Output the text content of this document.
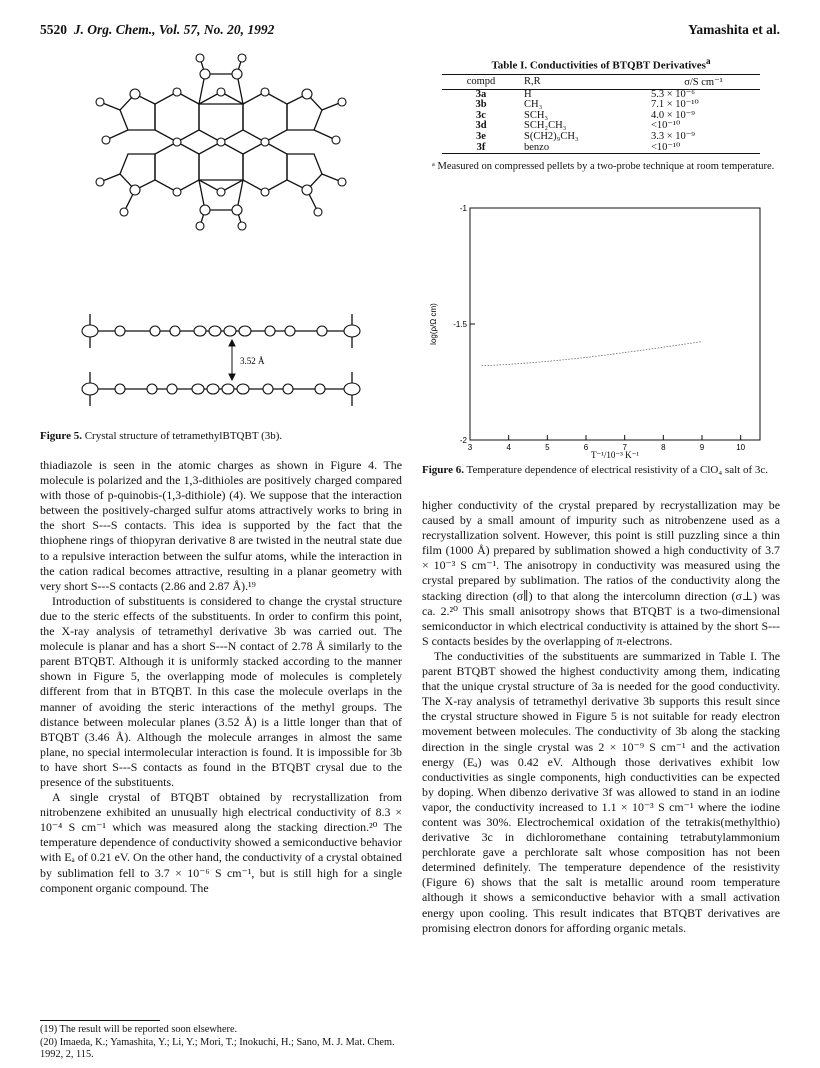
5520 J. Org. Chem., Vol. 57, No. 20, 1992	Yamashita et al.
3.52 Å
Figure 5. Crystal structure of tetramethylBTQBT (3b).

thiadiazole is seen in the atomic charges as shown in Figure 4. The molecule is polarized and the 1,3-dithioles are positively charged compared with those of p-quinobis-(1,3-dithiole) (4). We suppose that the interaction between the positively-charged sulfur atoms attractively works to bring in the short S---S contacts. This idea is supported by the fact that the thiophene rings of thiopyran derivative 8 are twisted in the neutral state due to a repulsive interaction between the sulfur atoms, while the interaction in the cation radical becomes attractive, resulting in a planar geometry with very short S---S contacts (2.86 and 2.87 Å).¹⁹

Introduction of substituents is considered to change the crystal structure due to the steric effects of the substituents. In order to confirm this point, the X-ray analysis of tetramethyl derivative 3b was carried out. The molecule is planar and has a short S---N contact of 2.78 Å similarly to the parent BTQBT. Although it is uniformly stacked according to the manner shown in Figure 5, the overlapping mode of molecules is completely different from that in BTQBT. In this case the molecule overlaps in the manner of avoiding the steric interactions of the methyl groups. The distance between molecular planes (3.52 Å) is a little longer than that of BTQBT (3.46 Å). Although the molecule arranges in almost the same plane, no special intermolecular interaction is found. It is impossible for 3b to have short S---S contacts as found in the BTQBT crysal due to the presence of the substituents.

A single crystal of BTQBT obtained by recrystallization from nitrobenzene exhibited an unusually high electrical conductivity of 8.3 × 10⁻⁴ S cm⁻¹ which was measured along the stacking direction.²⁰ The temperature dependence of conductivity showed a semiconductive behavior with Eₐ of 0.21 eV. On the other hand, the conductivity of a crystal obtained by sublimation fell to 3.7 × 10⁻⁶ S cm⁻¹, but is still high for a single component organic compound. The

(19) The result will be reported soon elsewhere.
(20) Imaeda, K.; Yamashita, Y.; Li, Y.; Mori, T.; Inokuchi, H.; Sano, M. J. Mat. Chem. 1992, 2, 115.
Table I. Conductivities of BTQBT Derivatives$^a$
compd	R,R	σ/S cm⁻¹
3a	H	5.3 × 10⁻⁶
3b	CH₃	7.1 × 10⁻¹⁰
3c	SCH₃	4.0 × 10⁻⁹
3d	SCH₂CH₃	<10⁻¹⁰
3e	S(CH2)₉CH₃	3.3 × 10⁻⁹
3f	benzo	<10⁻¹⁰
ᵃ Measured on compressed pellets by a two-probe technique at room temperature.
3	4	5	6	7	8	9	10
-2
-1.5
-1
log(ρ/Ω cm)
T⁻¹/10⁻³ K⁻¹
Figure 6. Temperature dependence of electrical resistivity of a ClO₄ salt of 3c.

higher conductivity of the crystal prepared by recrystallization may be caused by a small amount of impurity such as nitrobenzene used as a recrystallization solvent. However, this point is still puzzling since a thin film (1000 Å) prepared by sublimation showed a high conductivity of 3.7 × 10⁻³ S cm⁻¹. The anisotropy in conductivity was measured using the crystal prepared by sublimation. The ratios of the conductivity along the stacking direction (σ∥) to that along the intercolumn direction (σ⊥) was ca. 2.²⁰ This small anisotropy shows that BTQBT is a two-dimensional semiconductor in which electrical conductivity is attained by the short S---S contacts besides by the overlapping of π-electrons.

The conductivities of the substituents are summarized in Table I. The parent BTQBT showed the highest conductivity among them, indicating that the unique crystal structure of 3a is needed for the good conductivity. The X-ray analysis of tetramethyl derivative 3b supports this result since the crystal structure showed in Figure 5 is not suitable for ready electron movement between molecules. The conductivity of 3b along the stacking direction in the single crystal was 2 × 10⁻⁹ S cm⁻¹ and the activation energy (Eₐ) was 0.42 eV. Although those derivatives exhibit low conductivities as single components, high conductivities can be expected by doping. When dibenzo derivative 3f was allowed to stand in an iodine vapor, the conductivity increased to 1.1 × 10⁻³ S cm⁻¹ where the iodine content was 30%. Electrochemical oxidation of the tetrakis(methylthio) derivative 3c in dichloromethane containing tetrabutylammonium perchlorate gave a perchlorate salt whose composition has not been determined definitely. The temperature dependence of the resistivity (Figure 6) shows that the salt is metallic around room temperature although it shows a semiconductive behavior with a small activation energy upon cooling. This result indicates that BTQBT derivatives are promising electron donors for affording organic metals.
